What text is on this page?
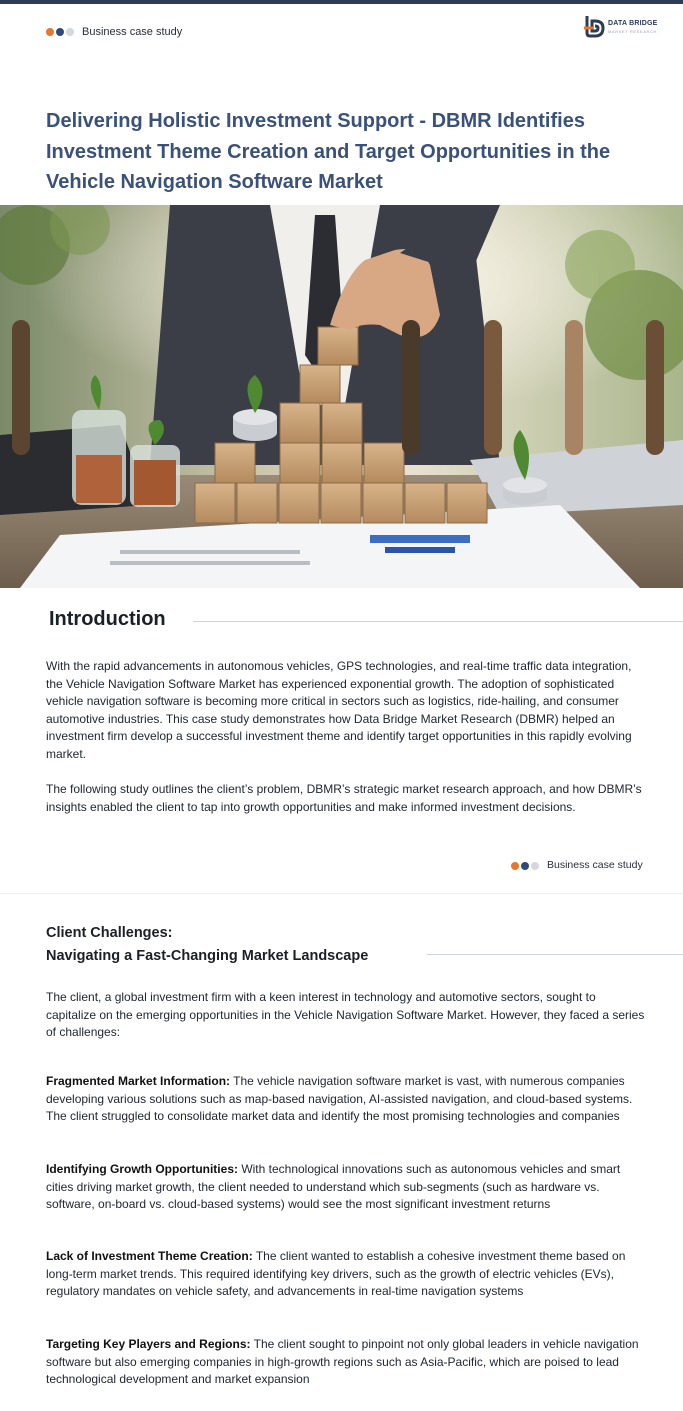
Business case study
DATA BRIDGE
MARKET RESEARCH
Delivering Holistic Investment Support - DBMR Identifies Investment Theme Creation and Target Opportunities in the Vehicle Navigation Software Market
Introduction

With the rapid advancements in autonomous vehicles, GPS technologies, and real-time traffic data integration, the Vehicle Navigation Software Market has experienced exponential growth. The adoption of sophisticated vehicle navigation software is becoming more critical in sectors such as logistics, ride-hailing, and consumer automotive industries. This case study demonstrates how Data Bridge Market Research (DBMR) helped an investment firm develop a successful investment theme and identify target opportunities in this rapidly evolving market.

The following study outlines the client’s problem, DBMR’s strategic market research approach, and how DBMR’s insights enabled the client to tap into growth opportunities and make informed investment decisions.

Business case study
Client Challenges:
Navigating a Fast-Changing Market Landscape

The client, a global investment firm with a keen interest in technology and automotive sectors, sought to capitalize on the emerging opportunities in the Vehicle Navigation Software Market. However, they faced a series of challenges:

Fragmented Market Information: The vehicle navigation software market is vast, with numerous companies developing various solutions such as map-based navigation, AI-assisted navigation, and cloud-based systems. The client struggled to consolidate market data and identify the most promising technologies and companies

Identifying Growth Opportunities: With technological innovations such as autonomous vehicles and smart cities driving market growth, the client needed to understand which sub-segments (such as hardware vs. software, on-board vs. cloud-based systems) would see the most significant investment returns

Lack of Investment Theme Creation: The client wanted to establish a cohesive investment theme based on long-term market trends. This required identifying key drivers, such as the growth of electric vehicles (EVs), regulatory mandates on vehicle safety, and advancements in real-time navigation systems

Targeting Key Players and Regions: The client sought to pinpoint not only global leaders in vehicle navigation software but also emerging companies in high-growth regions such as Asia-Pacific, which are poised to lead technological development and market expansion
